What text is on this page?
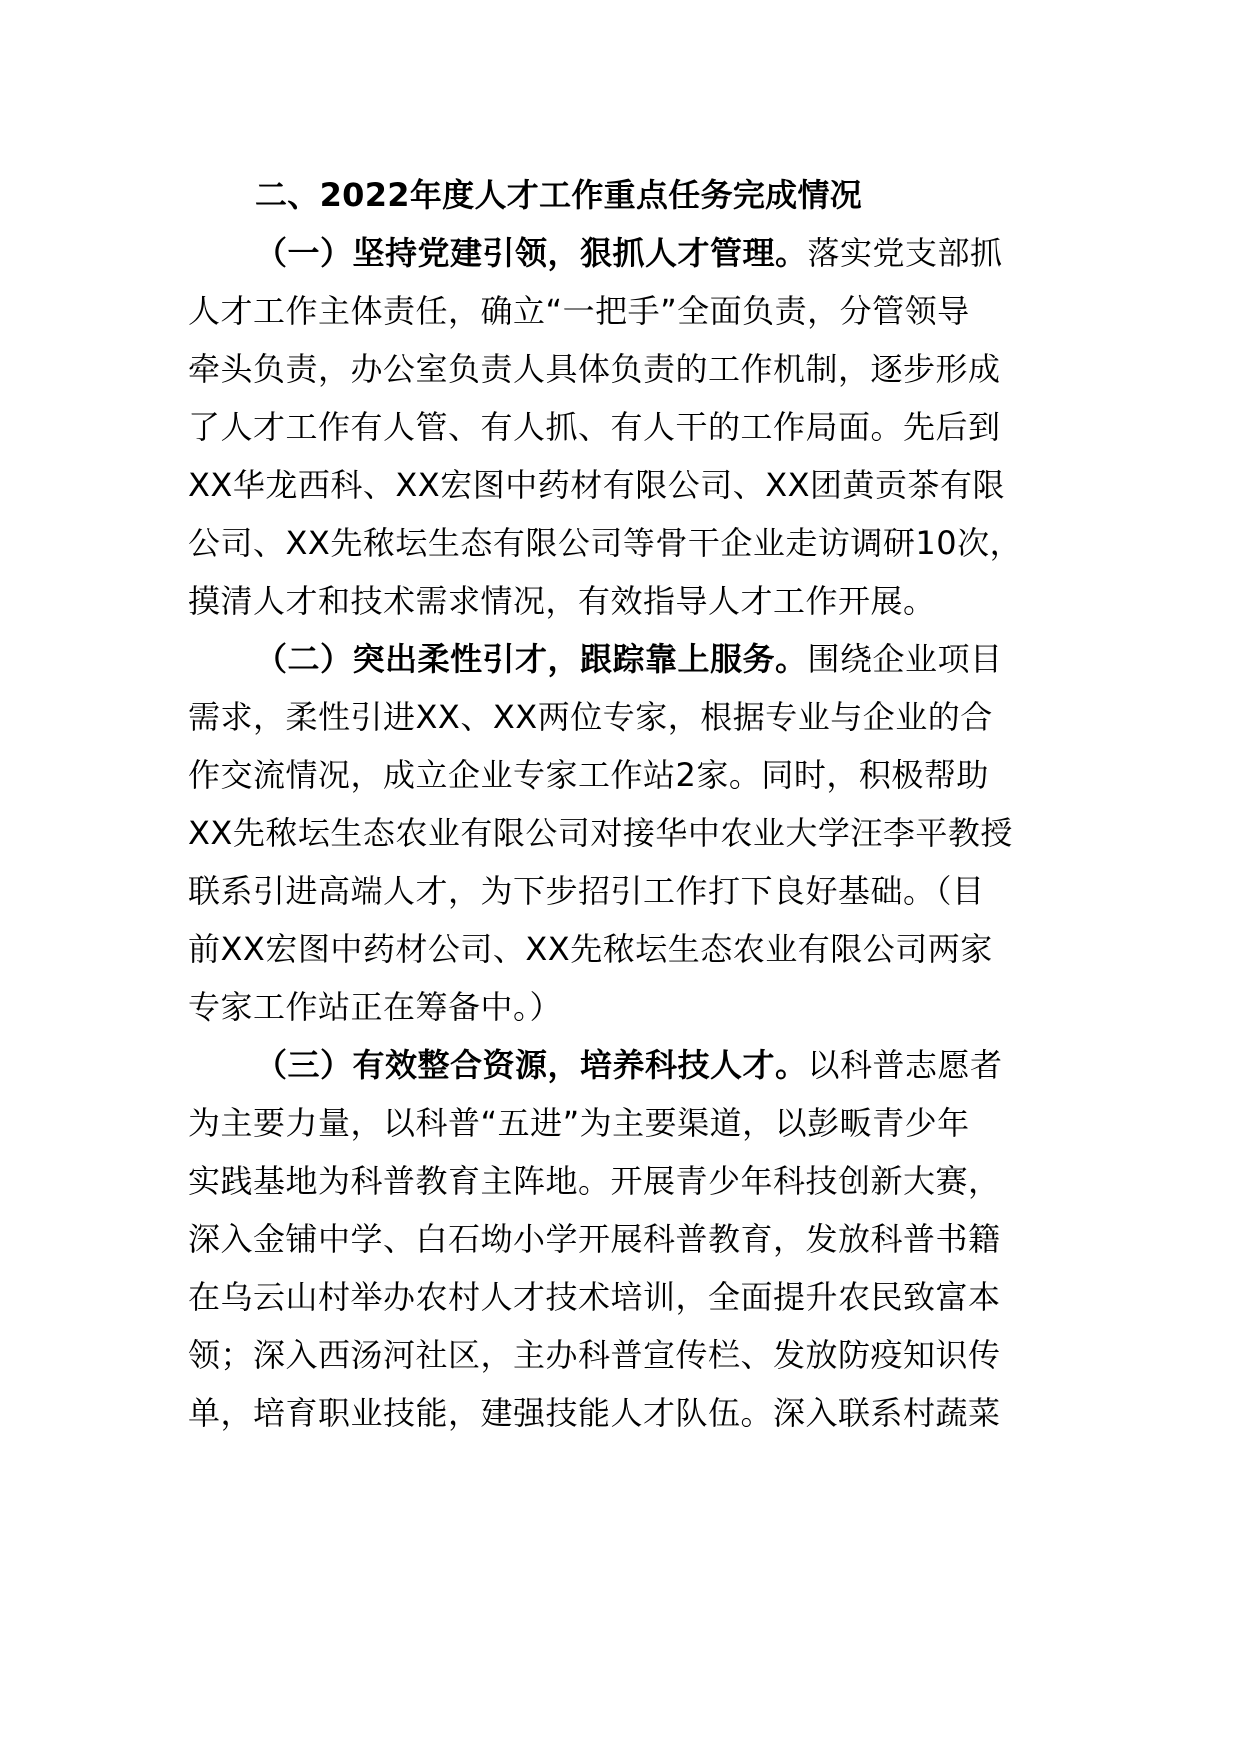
二、2022年度人才工作重点任务完成情况
（一）坚持党建引领，狠抓人才管理。落实党支部抓
人才工作主体责任，确立“一把手”全面负责，分管领导
牵头负责，办公室负责人具体负责的工作机制，逐步形成
了人才工作有人管、有人抓、有人干的工作局面。先后到
XX华龙西科、XX宏图中药材有限公司、XX团黄贡茶有限
公司、XX先秾坛生态有限公司等骨干企业走访调研10次，
摸清人才和技术需求情况，有效指导人才工作开展。
（二）突出柔性引才，跟踪靠上服务。围绕企业项目
需求，柔性引进XX、XX两位专家，根据专业与企业的合
作交流情况，成立企业专家工作站2家。同时，积极帮助
XX先秾坛生态农业有限公司对接华中农业大学汪李平教授
联系引进高端人才，为下步招引工作打下良好基础。（目
前XX宏图中药材公司、XX先秾坛生态农业有限公司两家
专家工作站正在筹备中。）
（三）有效整合资源，培养科技人才。以科普志愿者
为主要力量，以科普“五进”为主要渠道，以彭畈青少年
实践基地为科普教育主阵地。开展青少年科技创新大赛，
深入金铺中学、白石坳小学开展科普教育，发放科普书籍
在乌云山村举办农村人才技术培训，全面提升农民致富本
领；深入西汤河社区，主办科普宣传栏、发放防疫知识传
单，培育职业技能，建强技能人才队伍。深入联系村蔬菜
